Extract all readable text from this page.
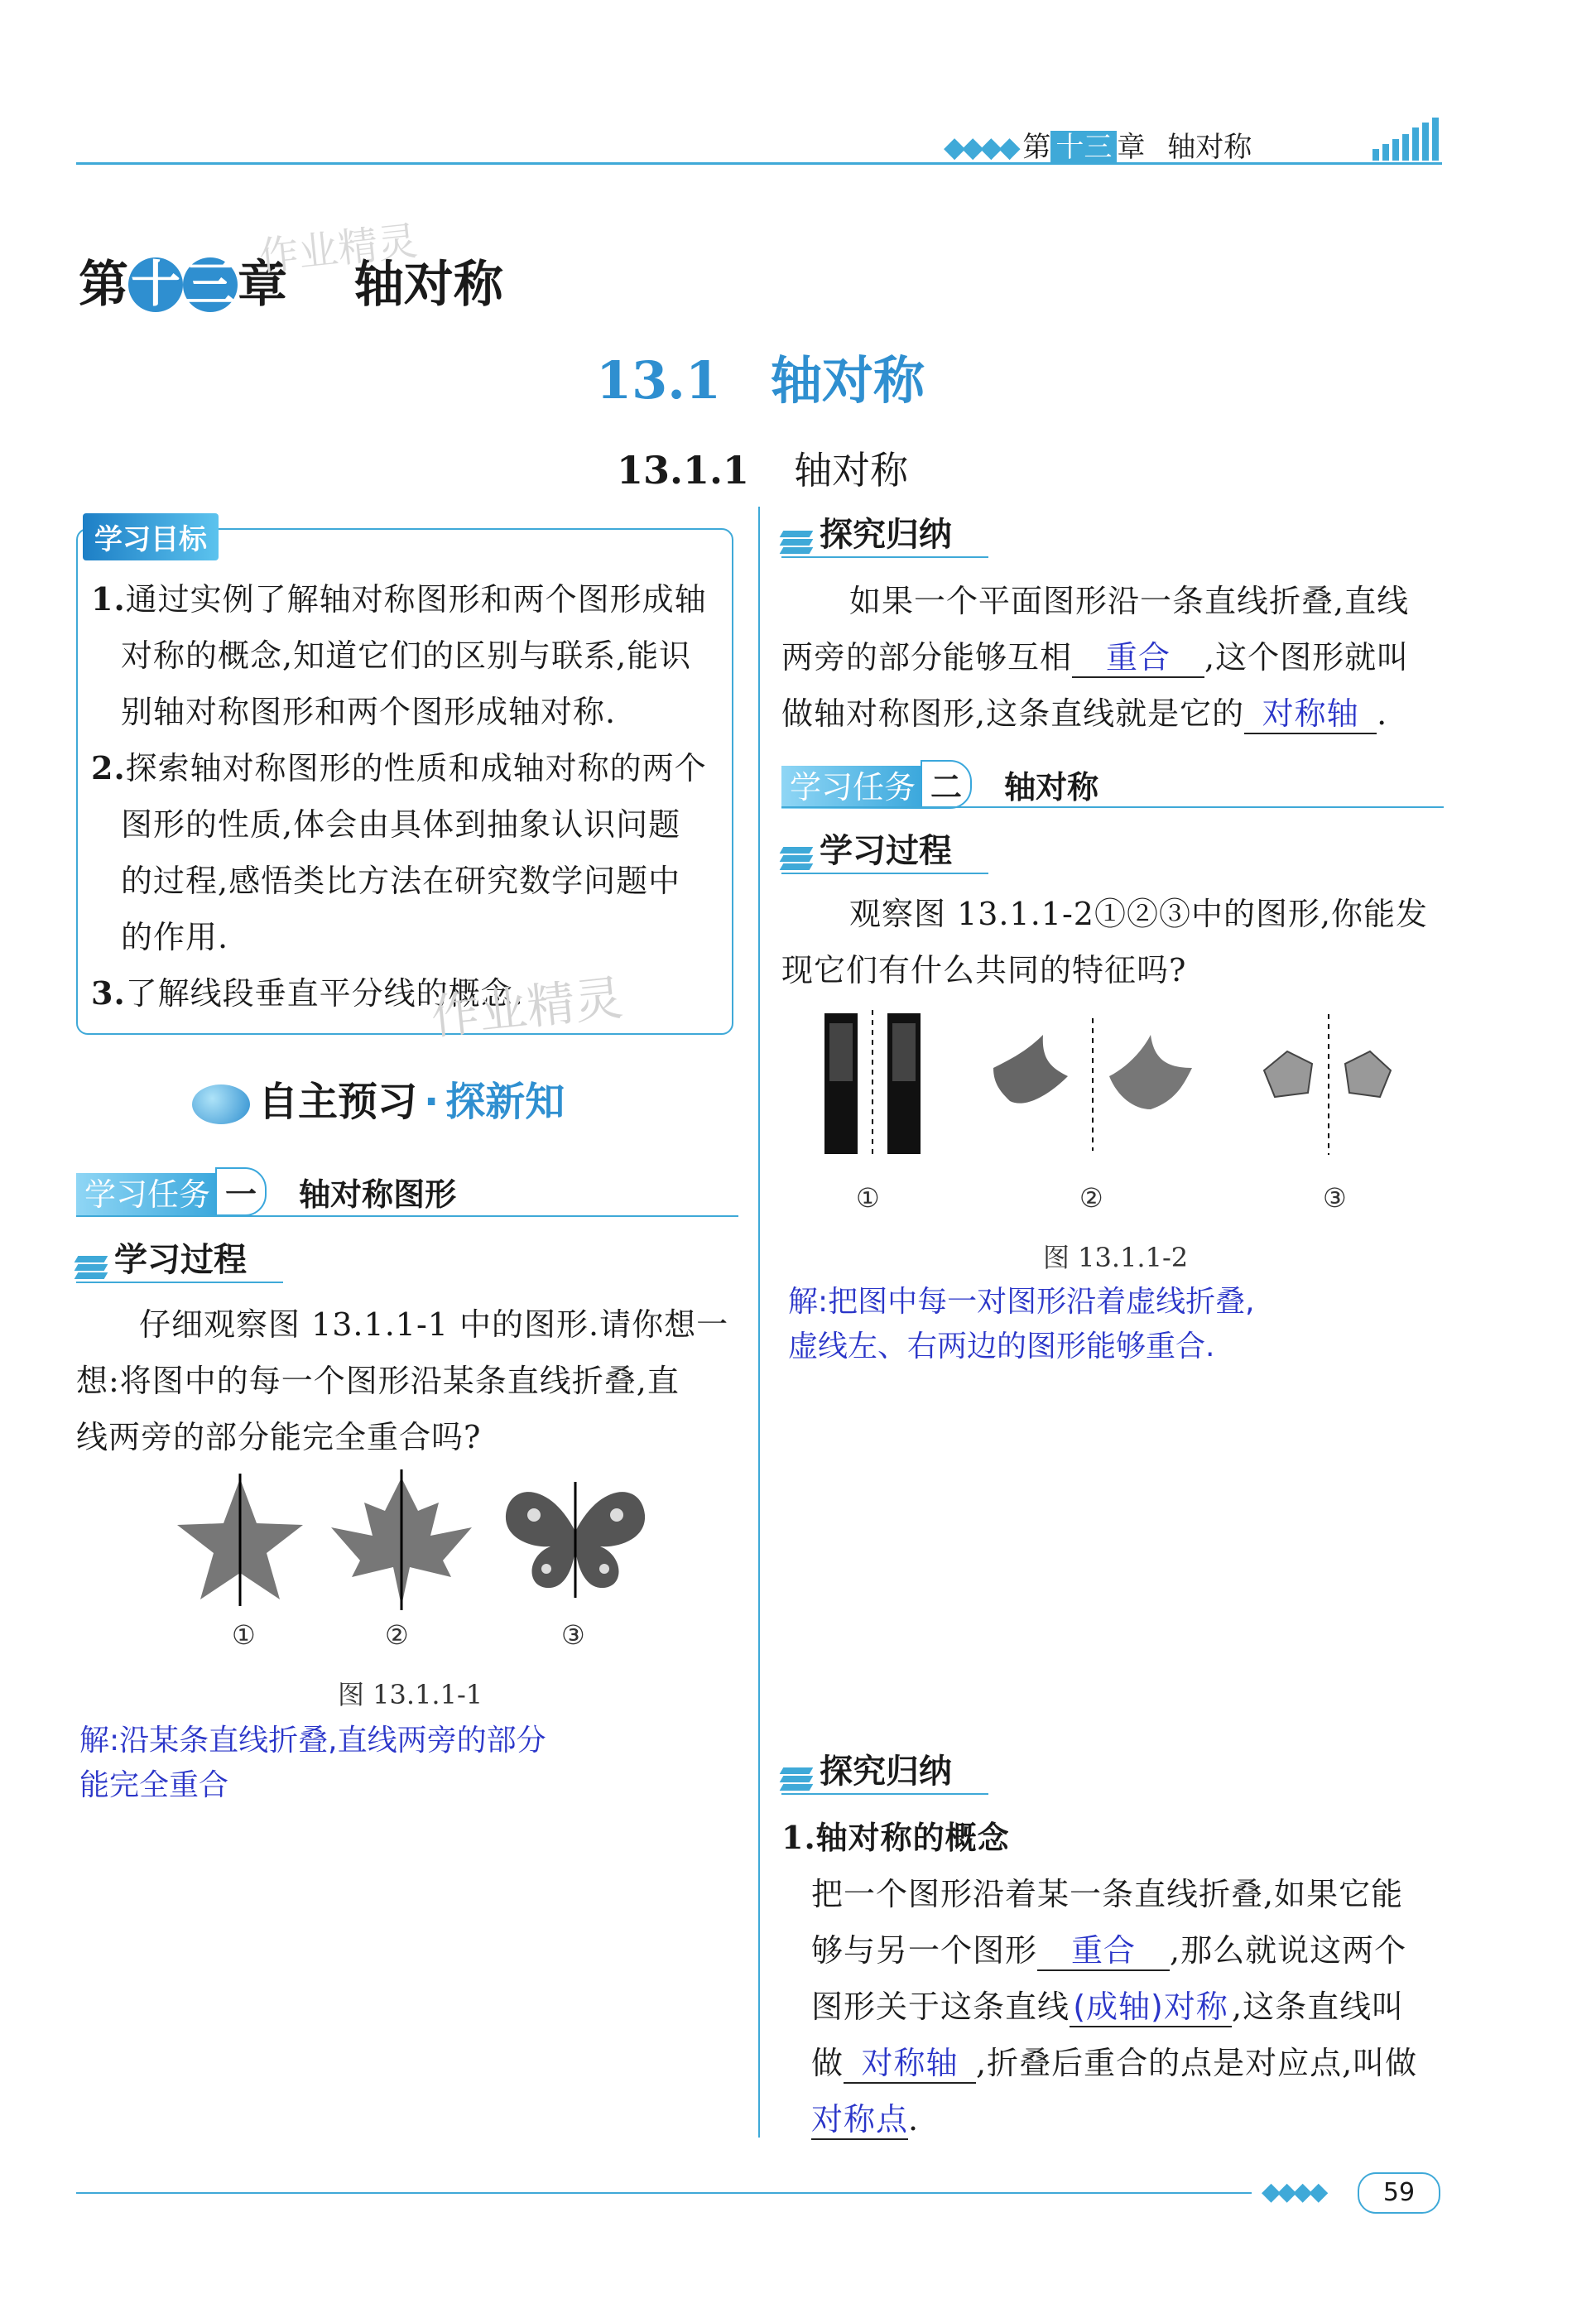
◆◆◆◆ 第 十三 章 轴对称
第十 三章 轴对称
作业精灵
13.1 轴对称
13.1.1 轴对称
学习目标
1.通过实例了解轴对称图形和两个图形成轴
对称的概念,知道它们的区别与联系,能识
别轴对称图形和两个图形成轴对称.
2.探索轴对称图形的性质和成轴对称的两个
图形的性质,体会由具体到抽象认识问题
的过程,感悟类比方法在研究数学问题中
的作用.
3.了解线段垂直平分线的概念.
作业精灵
自主预习 · 探新知
学习任务 一 轴对称图形
学习过程
仔细观察图 13.1.1-1 中的图形.请你想一
想:将图中的每一个图形沿某条直线折叠,直
线两旁的部分能完全重合吗?
①	②	③
图 13.1.1-1
解:沿某条直线折叠,直线两旁的部分
能完全重合
探究归纳
如果一个平面图形沿一条直线折叠,直线
两旁的部分能够互相 重合 ,这个图形就叫
做轴对称图形,这条直线就是它的 对称轴 .
学习任务 二 轴对称
学习过程
观察图 13.1.1-2①②③中的图形,你能发
现它们有什么共同的特征吗?
①	②	③
图 13.1.1-2
解:把图中每一对图形沿着虚线折叠,
虚线左、右两边的图形能够重合.
探究归纳
1.轴对称的概念
把一个图形沿着某一条直线折叠,如果它能
够与另一个图形 重合 ,那么就说这两个
图形关于这条直线 (成轴)对称 ,这条直线叫
做 对称轴 ,折叠后重合的点是对应点,叫做
对称点.
◆◆◆◆	59
